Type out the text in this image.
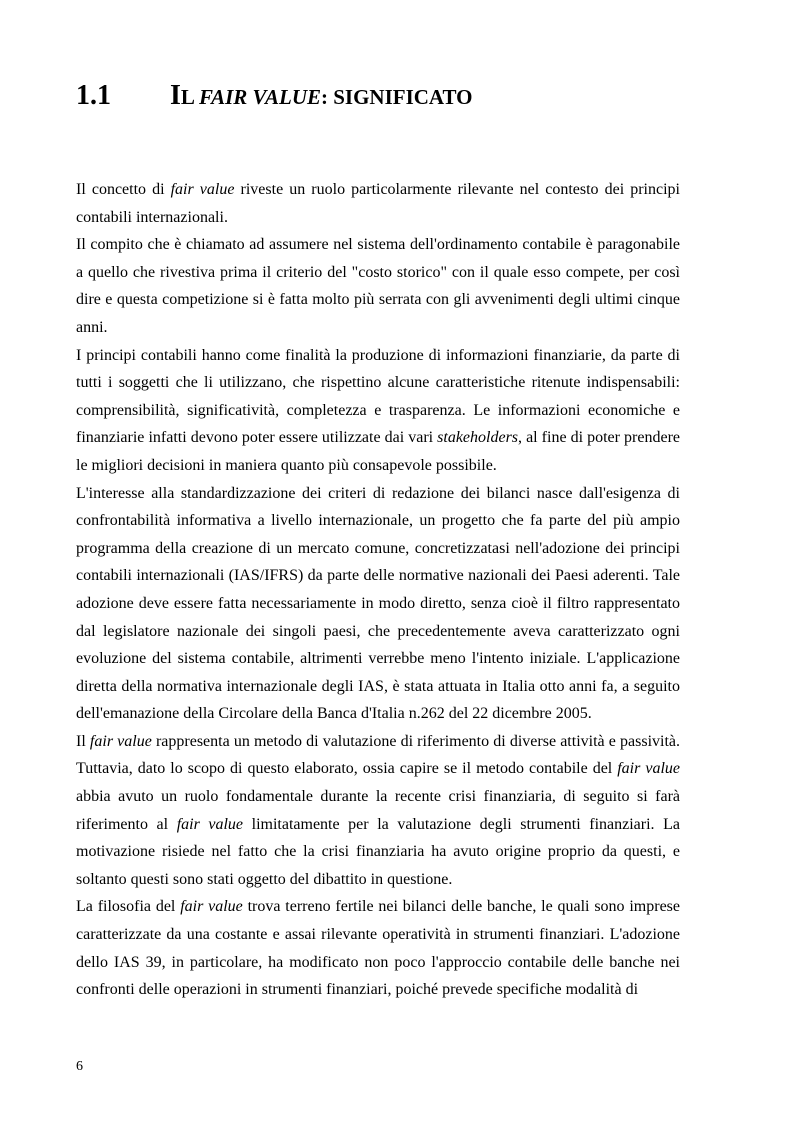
1.1 IL FAIR VALUE: SIGNIFICATO

Il concetto di fair value riveste un ruolo particolarmente rilevante nel contesto dei principi contabili internazionali.

Il compito che è chiamato ad assumere nel sistema dell'ordinamento contabile è paragonabile a quello che rivestiva prima il criterio del "costo storico" con il quale esso compete, per così dire e questa competizione si è fatta molto più serrata con gli avvenimenti degli ultimi cinque anni.

I principi contabili hanno come finalità la produzione di informazioni finanziarie, da parte di tutti i soggetti che li utilizzano, che rispettino alcune caratteristiche ritenute indispensabili: comprensibilità, significatività, completezza e trasparenza. Le informazioni economiche e finanziarie infatti devono poter essere utilizzate dai vari stakeholders, al fine di poter prendere le migliori decisioni in maniera quanto più consapevole possibile.

L'interesse alla standardizzazione dei criteri di redazione dei bilanci nasce dall'esigenza di confrontabilità informativa a livello internazionale, un progetto che fa parte del più ampio programma della creazione di un mercato comune, concretizzatasi nell'adozione dei principi contabili internazionali (IAS/IFRS) da parte delle normative nazionali dei Paesi aderenti. Tale adozione deve essere fatta necessariamente in modo diretto, senza cioè il filtro rappresentato dal legislatore nazionale dei singoli paesi, che precedentemente aveva caratterizzato ogni evoluzione del sistema contabile, altrimenti verrebbe meno l'intento iniziale. L'applicazione diretta della normativa internazionale degli IAS, è stata attuata in Italia otto anni fa, a seguito dell'emanazione della Circolare della Banca d'Italia n.262 del 22 dicembre 2005.

Il fair value rappresenta un metodo di valutazione di riferimento di diverse attività e passività. Tuttavia, dato lo scopo di questo elaborato, ossia capire se il metodo contabile del fair value abbia avuto un ruolo fondamentale durante la recente crisi finanziaria, di seguito si farà riferimento al fair value limitatamente per la valutazione degli strumenti finanziari. La motivazione risiede nel fatto che la crisi finanziaria ha avuto origine proprio da questi, e soltanto questi sono stati oggetto del dibattito in questione.

La filosofia del fair value trova terreno fertile nei bilanci delle banche, le quali sono imprese caratterizzate da una costante e assai rilevante operatività in strumenti finanziari. L'adozione dello IAS 39, in particolare, ha modificato non poco l'approccio contabile delle banche nei confronti delle operazioni in strumenti finanziari, poiché prevede specifiche modalità di

6
